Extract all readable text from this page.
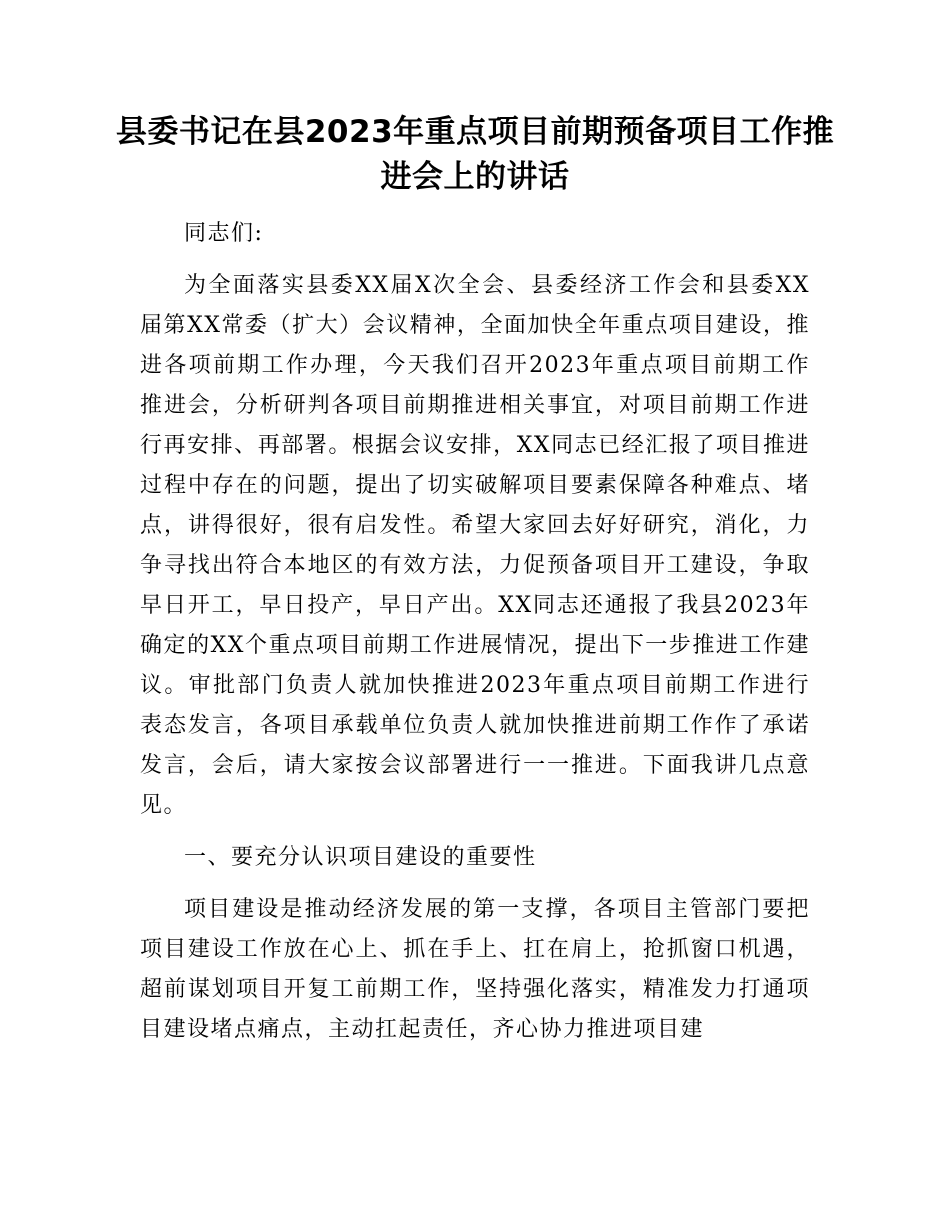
县委书记在县2023年重点项目前期预备项目工作推进会上的讲话

同志们:

为全面落实县委XX届X次全会、县委经济工作会和县委XX届第XX常委（扩大）会议精神，全面加快全年重点项目建设，推进各项前期工作办理，今天我们召开2023年重点项目前期工作推进会，分析研判各项目前期推进相关事宜，对项目前期工作进行再安排、再部署。根据会议安排，XX同志已经汇报了项目推进过程中存在的问题，提出了切实破解项目要素保障各种难点、堵点，讲得很好，很有启发性。希望大家回去好好研究，消化，力争寻找出符合本地区的有效方法，力促预备项目开工建设，争取早日开工，早日投产，早日产出。XX同志还通报了我县2023年确定的XX个重点项目前期工作进展情况，提出下一步推进工作建议。审批部门负责人就加快推进2023年重点项目前期工作进行表态发言，各项目承载单位负责人就加快推进前期工作作了承诺发言，会后，请大家按会议部署进行一一推进。下面我讲几点意见。

一、要充分认识项目建设的重要性

项目建设是推动经济发展的第一支撑，各项目主管部门要把项目建设工作放在心上、抓在手上、扛在肩上，抢抓窗口机遇，超前谋划项目开复工前期工作，坚持强化落实，精准发力打通项目建设堵点痛点，主动扛起责任，齐心协力推进项目建
